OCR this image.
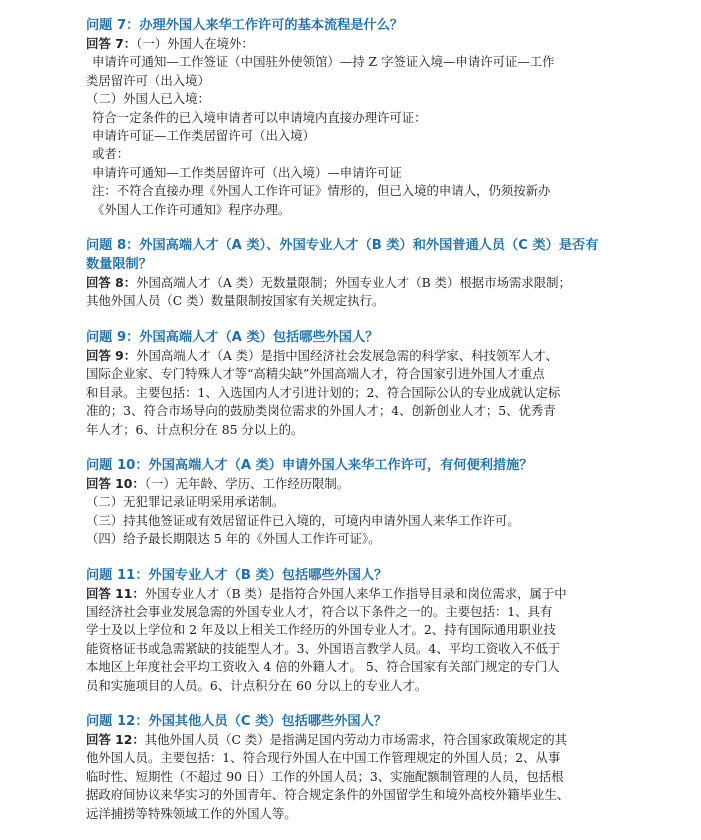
问题 7：办理外国人来华工作许可的基本流程是什么？

回答 7：（一）外国人在境外：

申请许可通知—工作签证（中国驻外使领馆）—持 Z 字签证入境—申请许可证—工作

类居留许可（出入境）

（二）外国人已入境：

符合一定条件的已入境申请者可以申请境内直接办理许可证：

申请许可证—工作类居留许可（出入境）

或者：

申请许可通知—工作类居留许可（出入境）—申请许可证

注：不符合直接办理《外国人工作许可证》情形的，但已入境的申请人，仍须按新办

《外国人工作许可通知》程序办理。

问题 8：外国高端人才（A 类）、外国专业人才（B 类）和外国普通人员（C 类）是否有

数量限制？

回答 8：外国高端人才（A 类）无数量限制；外国专业人才（B 类）根据市场需求限制；

其他外国人员（C 类）数量限制按国家有关规定执行。

问题 9：外国高端人才（A 类）包括哪些外国人？

回答 9：外国高端人才（A 类）是指中国经济社会发展急需的科学家、科技领军人才、

国际企业家、专门特殊人才等“高精尖缺”外国高端人才，符合国家引进外国人才重点

和目录。主要包括：1、入选国内人才引进计划的；2、符合国际公认的专业成就认定标

准的；3、符合市场导向的鼓励类岗位需求的外国人才；4、创新创业人才；5、优秀青

年人才；6、计点积分在 85 分以上的。

问题 10：外国高端人才（A 类）申请外国人来华工作许可，有何便利措施？

回答 10：（一）无年龄、学历、工作经历限制。

（二）无犯罪记录证明采用承诺制。

（三）持其他签证或有效居留证件已入境的，可境内申请外国人来华工作许可。

（四）给予最长期限达 5 年的《外国人工作许可证》。

问题 11：外国专业人才（B 类）包括哪些外国人？

回答 11：外国专业人才（B 类）是指符合外国人来华工作指导目录和岗位需求，属于中

国经济社会事业发展急需的外国专业人才，符合以下条件之一的。主要包括：1、具有

学士及以上学位和 2 年及以上相关工作经历的外国专业人才。2、持有国际通用职业技

能资格证书或急需紧缺的技能型人才。3、外国语言教学人员。4、平均工资收入不低于

本地区上年度社会平均工资收入 4 倍的外籍人才。 5、符合国家有关部门规定的专门人

员和实施项目的人员。6、计点积分在 60 分以上的专业人才。

问题 12：外国其他人员（C 类）包括哪些外国人？

回答 12：其他外国人员（C 类）是指满足国内劳动力市场需求，符合国家政策规定的其

他外国人员。主要包括：1、符合现行外国人在中国工作管理规定的外国人员；2、从事

临时性、短期性（不超过 90 日）工作的外国人员；3、实施配额制管理的人员，包括根

据政府间协议来华实习的外国青年、符合规定条件的外国留学生和境外高校外籍毕业生、

远洋捕捞等特殊领域工作的外国人等。
